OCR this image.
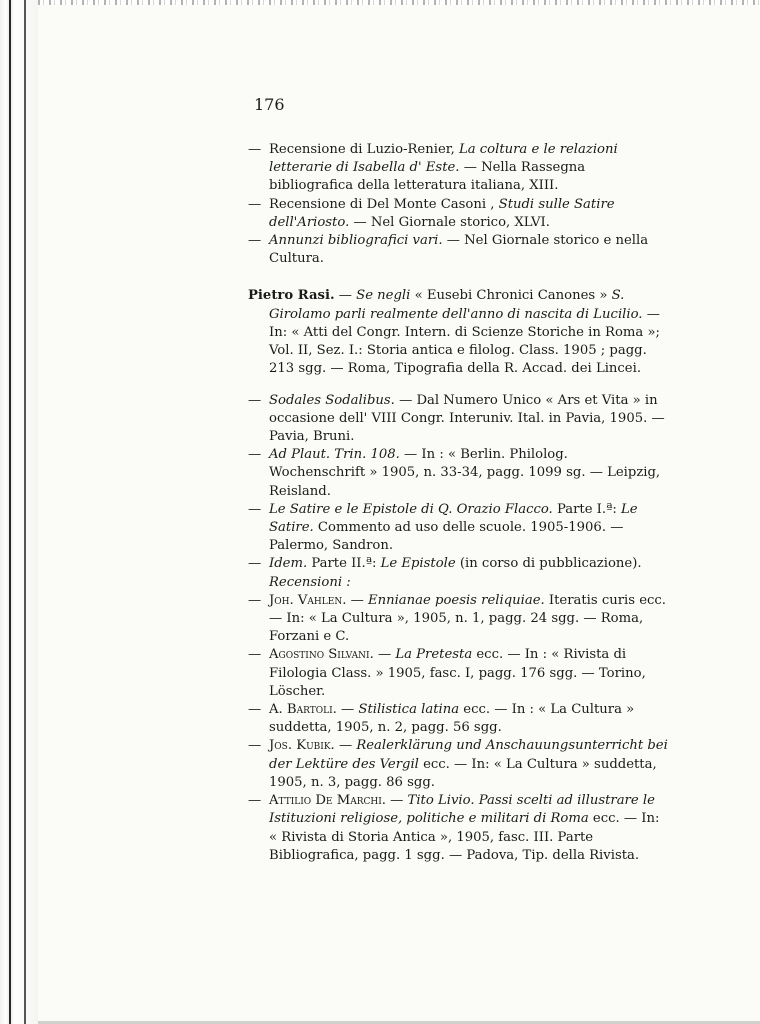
176

— Recensione di Luzio-Renier, La coltura e le relazioni letterarie di Isabella d' Este. — Nella Rassegna bibliografica della letteratura italiana, XIII.

— Recensione di Del Monte Casoni , Studi sulle Satire dell'Ariosto. — Nel Giornale storico, XLVI.

— Annunzi bibliografici vari. — Nel Giornale storico e nella Cultura.

Pietro Rasi. — Se negli « Eusebi Chronici Canones » S. Girolamo parli realmente dell'anno di nascita di Lucilio. — In: « Atti del Congr. Intern. di Scienze Storiche in Roma »; Vol. II, Sez. I.: Storia antica e filolog. Class. 1905 ; pagg. 213 sgg. — Roma, Tipografia della R. Accad. dei Lincei.

— Sodales Sodalibus. — Dal Numero Unico « Ars et Vita » in occasione dell' VIII Congr. Interuniv. Ital. in Pavia, 1905. — Pavia, Bruni.

— Ad Plaut. Trin. 108. — In : « Berlin. Philolog. Wochenschrift » 1905, n. 33-34, pagg. 1099 sg. — Leipzig, Reisland.

— Le Satire e le Epistole di Q. Orazio Flacco. Parte I.ª: Le Satire. Commento ad uso delle scuole. 1905-1906. — Palermo, Sandron.

— Idem. Parte II.ª: Le Epistole (in corso di pubblicazione).

Recensioni :

— Joh. Vahlen. — Ennianae poesis reliquiae. Iteratis curis ecc. — In: « La Cultura », 1905, n. 1, pagg. 24 sgg. — Roma, Forzani e C.

— Agostino Silvani. — La Pretesta ecc. — In : « Rivista di Filologia Class. » 1905, fasc. I, pagg. 176 sgg. — Torino, Löscher.

— A. Bartoli. — Stilistica latina ecc. — In : « La Cultura » suddetta, 1905, n. 2, pagg. 56 sgg.

— Jos. Kubik. — Realerklärung und Anschauungsunterricht bei der Lektüre des Vergil ecc. — In: « La Cultura » suddetta, 1905, n. 3, pagg. 86 sgg.

— Attilio De Marchi. — Tito Livio. Passi scelti ad illustrare le Istituzioni religiose, politiche e militari di Roma ecc. — In: « Rivista di Storia Antica », 1905, fasc. III. Parte Bibliografica, pagg. 1 sgg. — Padova, Tip. della Rivista.
